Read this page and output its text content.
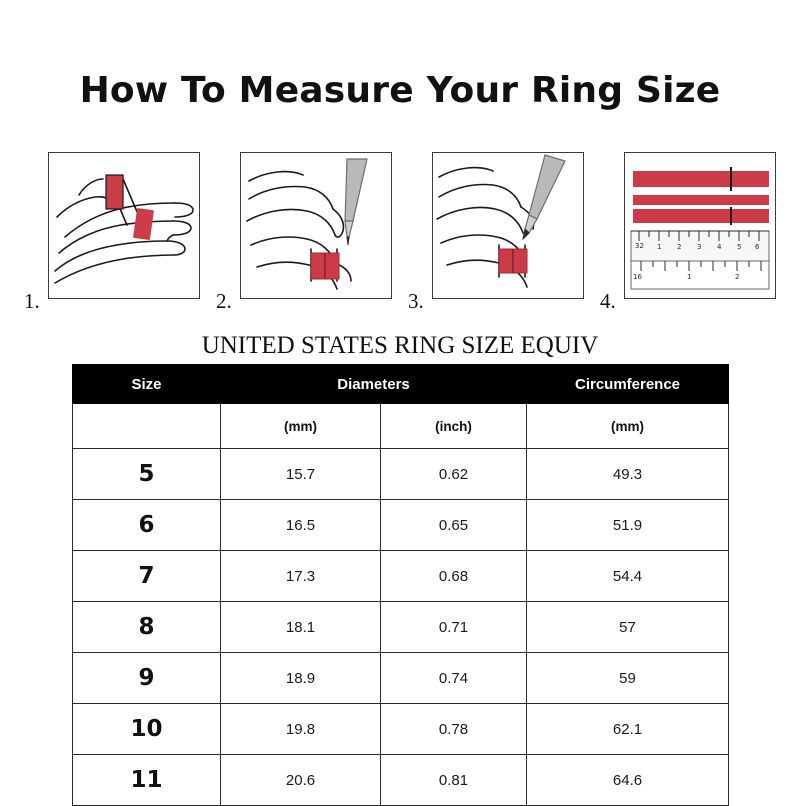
How To Measure Your Ring Size
1.	2.	3.	4.
1 2 3 4 5 6
32
16	1	2
UNITED STATES RING SIZE EQUIV
Size	Diameters		Circumference
	(mm)	(inch)	(mm)
5	15.7	0.62	49.3
6	16.5	0.65	51.9
7	17.3	0.68	54.4
8	18.1	0.71	57
9	18.9	0.74	59
10	19.8	0.78	62.1
11	20.6	0.81	64.6
